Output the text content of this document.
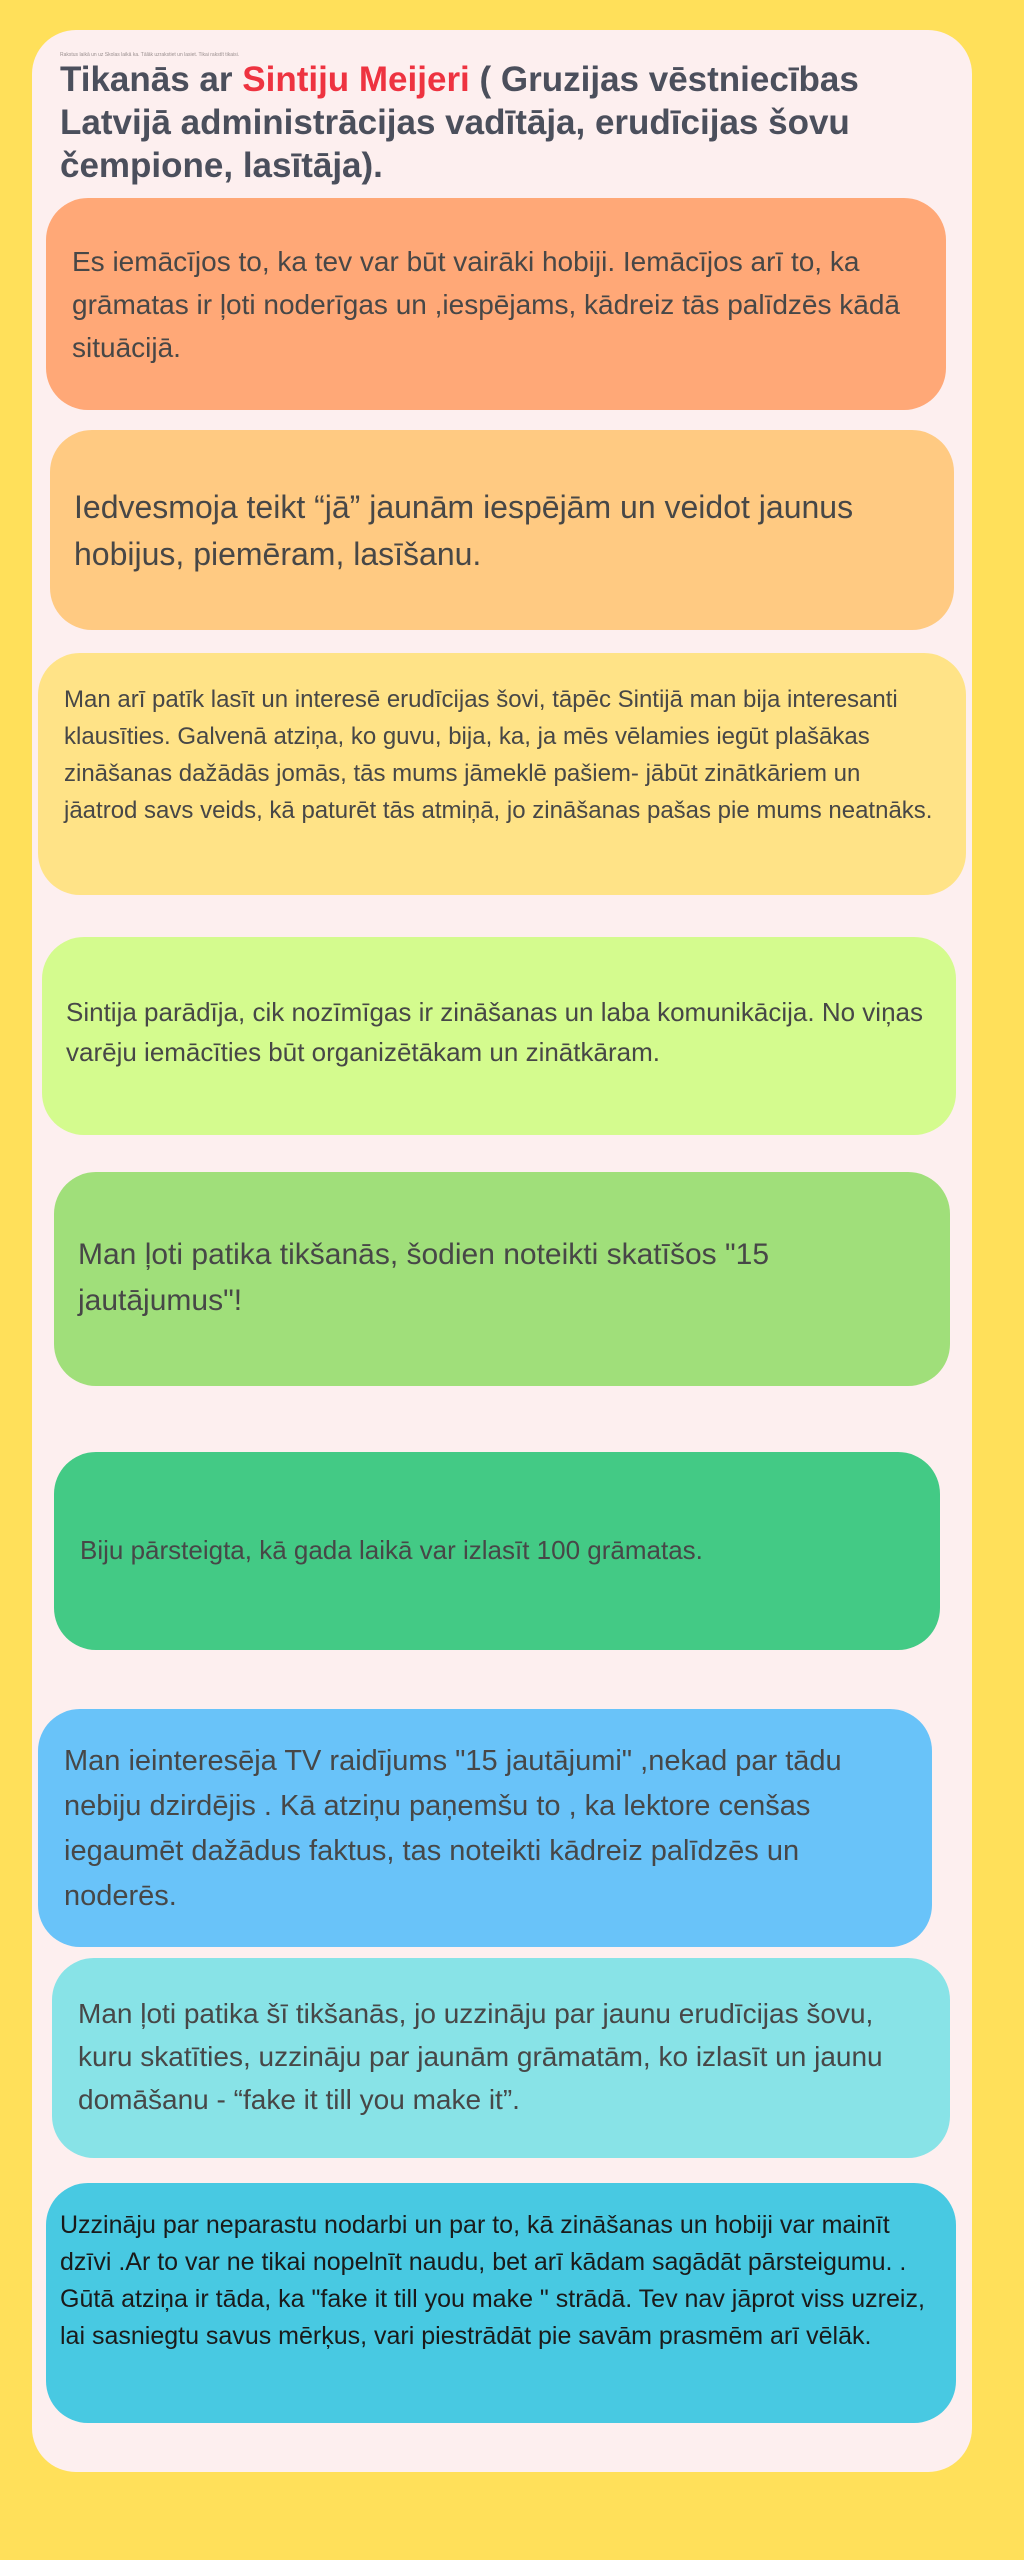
Rakstus laikā un uz Skolas laikā ka. Tālāk uzrakstiet un lasiet. Tikai rakstīt tikaisi.
Tikanās ar Sintiju Meijeri ( Gruzijas vēstniecības Latvijā administrācijas vadītāja, erudīcijas šovu čempione, lasītāja).

Es iemācījos to, ka tev var būt vairāki hobiji. Iemācījos arī to, ka grāmatas ir ļoti noderīgas un ,iespējams, kādreiz tās palīdzēs kādā situācijā.

Iedvesmoja teikt “jā” jaunām iespējām un veidot jaunus hobijus, piemēram, lasīšanu.

Man arī patīk lasīt un interesē erudīcijas šovi, tāpēc Sintijā man bija interesanti klausīties. Galvenā atziņa, ko guvu, bija, ka, ja mēs vēlamies iegūt plašākas zināšanas dažādās jomās, tās mums jāmeklē pašiem- jābūt zinātkāriem un jāatrod savs veids, kā paturēt tās atmiņā, jo zināšanas pašas pie mums neatnāks.

Sintija parādīja, cik nozīmīgas ir zināšanas un laba komunikācija. No viņas varēju iemācīties būt organizētākam un zinātkāram.

Man ļoti patika tikšanās, šodien noteikti skatīšos "15 jautājumus"!

Biju pārsteigta, kā gada laikā var izlasīt 100 grāmatas.

Man ieinteresēja TV raidījums "15 jautājumi" ,nekad par tādu nebiju dzirdējis . Kā atziņu paņemšu to , ka lektore cenšas iegaumēt dažādus faktus, tas noteikti kādreiz palīdzēs un noderēs.

Man ļoti patika šī tikšanās, jo uzzināju par jaunu erudīcijas šovu, kuru skatīties, uzzināju par jaunām grāmatām, ko izlasīt un jaunu domāšanu - “fake it till you make it”.

Uzzināju par neparastu nodarbi un par to, kā zināšanas un hobiji var mainīt dzīvi .Ar to var ne tikai nopelnīt naudu, bet arī kādam sagādāt pārsteigumu. . Gūtā atziņa ir tāda, ka "fake it till you make " strādā. Tev nav jāprot viss uzreiz, lai sasniegtu savus mērķus, vari piestrādāt pie savām prasmēm arī vēlāk.
